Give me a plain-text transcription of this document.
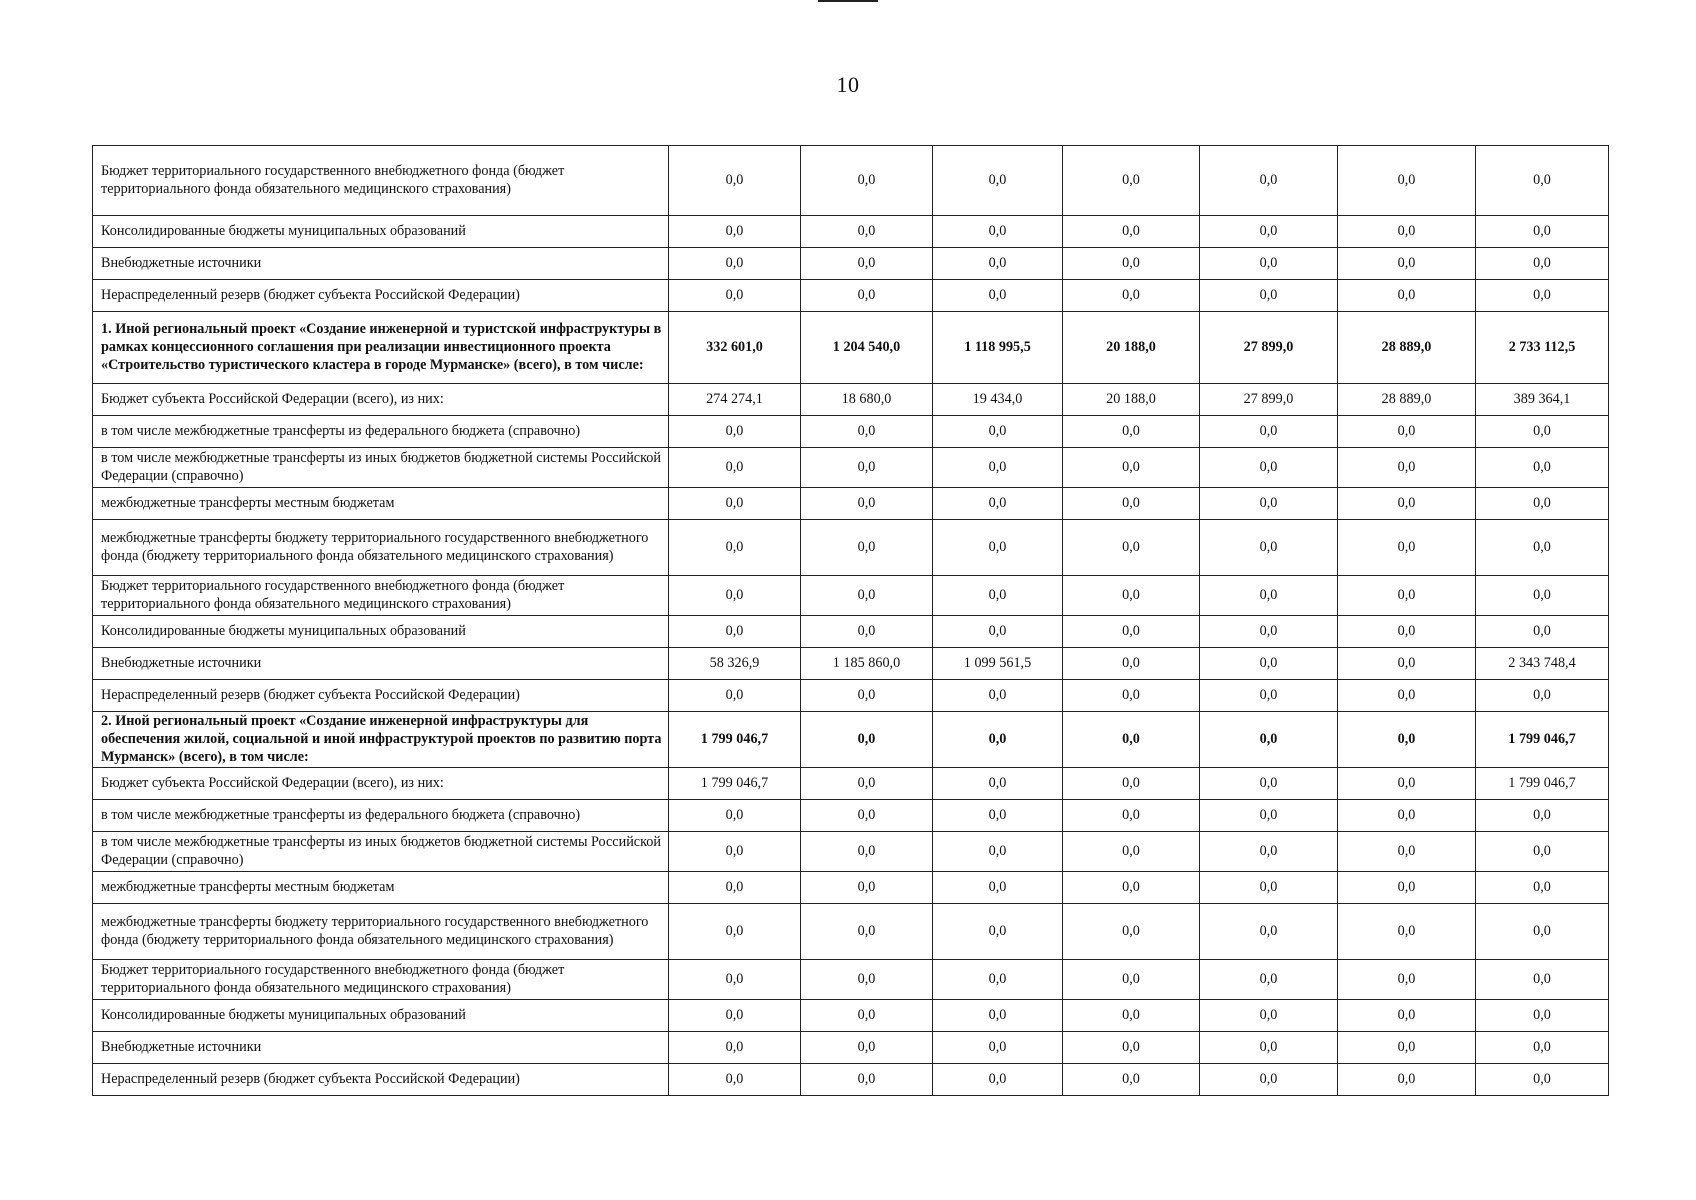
10
Бюджет территориального государственного внебюджетного фонда (бюджет территориального фонда обязательного медицинского страхования)	0,0	0,0	0,0	0,0	0,0	0,0	0,0
Консолидированные бюджеты муниципальных образований	0,0	0,0	0,0	0,0	0,0	0,0	0,0
Внебюджетные источники	0,0	0,0	0,0	0,0	0,0	0,0	0,0
Нераспределенный резерв (бюджет субъекта Российской Федерации)	0,0	0,0	0,0	0,0	0,0	0,0	0,0
1. Иной региональный проект «Создание инженерной и туристской инфраструктуры в рамках концессионного соглашения при реализации инвестиционного проекта «Строительство туристического кластера в городе Мурманске» (всего), в том числе:	332 601,0	1 204 540,0	1 118 995,5	20 188,0	27 899,0	28 889,0	2 733 112,5
Бюджет субъекта Российской Федерации (всего), из них:	274 274,1	18 680,0	19 434,0	20 188,0	27 899,0	28 889,0	389 364,1
в том числе межбюджетные трансферты из федерального бюджета (справочно)	0,0	0,0	0,0	0,0	0,0	0,0	0,0
в том числе межбюджетные трансферты из иных бюджетов бюджетной системы Российской Федерации (справочно)	0,0	0,0	0,0	0,0	0,0	0,0	0,0
межбюджетные трансферты местным бюджетам	0,0	0,0	0,0	0,0	0,0	0,0	0,0
межбюджетные трансферты бюджету территориального государственного внебюджетного фонда (бюджету территориального фонда обязательного медицинского страхования)	0,0	0,0	0,0	0,0	0,0	0,0	0,0
Бюджет территориального государственного внебюджетного фонда (бюджет территориального фонда обязательного медицинского страхования)	0,0	0,0	0,0	0,0	0,0	0,0	0,0
Консолидированные бюджеты муниципальных образований	0,0	0,0	0,0	0,0	0,0	0,0	0,0
Внебюджетные источники	58 326,9	1 185 860,0	1 099 561,5	0,0	0,0	0,0	2 343 748,4
Нераспределенный резерв (бюджет субъекта Российской Федерации)	0,0	0,0	0,0	0,0	0,0	0,0	0,0
2. Иной региональный проект «Создание инженерной инфраструктуры для обеспечения жилой, социальной и иной инфраструктурой проектов по развитию порта Мурманск» (всего), в том числе:	1 799 046,7	0,0	0,0	0,0	0,0	0,0	1 799 046,7
Бюджет субъекта Российской Федерации (всего), из них:	1 799 046,7	0,0	0,0	0,0	0,0	0,0	1 799 046,7
в том числе межбюджетные трансферты из федерального бюджета (справочно)	0,0	0,0	0,0	0,0	0,0	0,0	0,0
в том числе межбюджетные трансферты из иных бюджетов бюджетной системы Российской Федерации (справочно)	0,0	0,0	0,0	0,0	0,0	0,0	0,0
межбюджетные трансферты местным бюджетам	0,0	0,0	0,0	0,0	0,0	0,0	0,0
межбюджетные трансферты бюджету территориального государственного внебюджетного фонда (бюджету территориального фонда обязательного медицинского страхования)	0,0	0,0	0,0	0,0	0,0	0,0	0,0
Бюджет территориального государственного внебюджетного фонда (бюджет территориального фонда обязательного медицинского страхования)	0,0	0,0	0,0	0,0	0,0	0,0	0,0
Консолидированные бюджеты муниципальных образований	0,0	0,0	0,0	0,0	0,0	0,0	0,0
Внебюджетные источники	0,0	0,0	0,0	0,0	0,0	0,0	0,0
Нераспределенный резерв (бюджет субъекта Российской Федерации)	0,0	0,0	0,0	0,0	0,0	0,0	0,0
